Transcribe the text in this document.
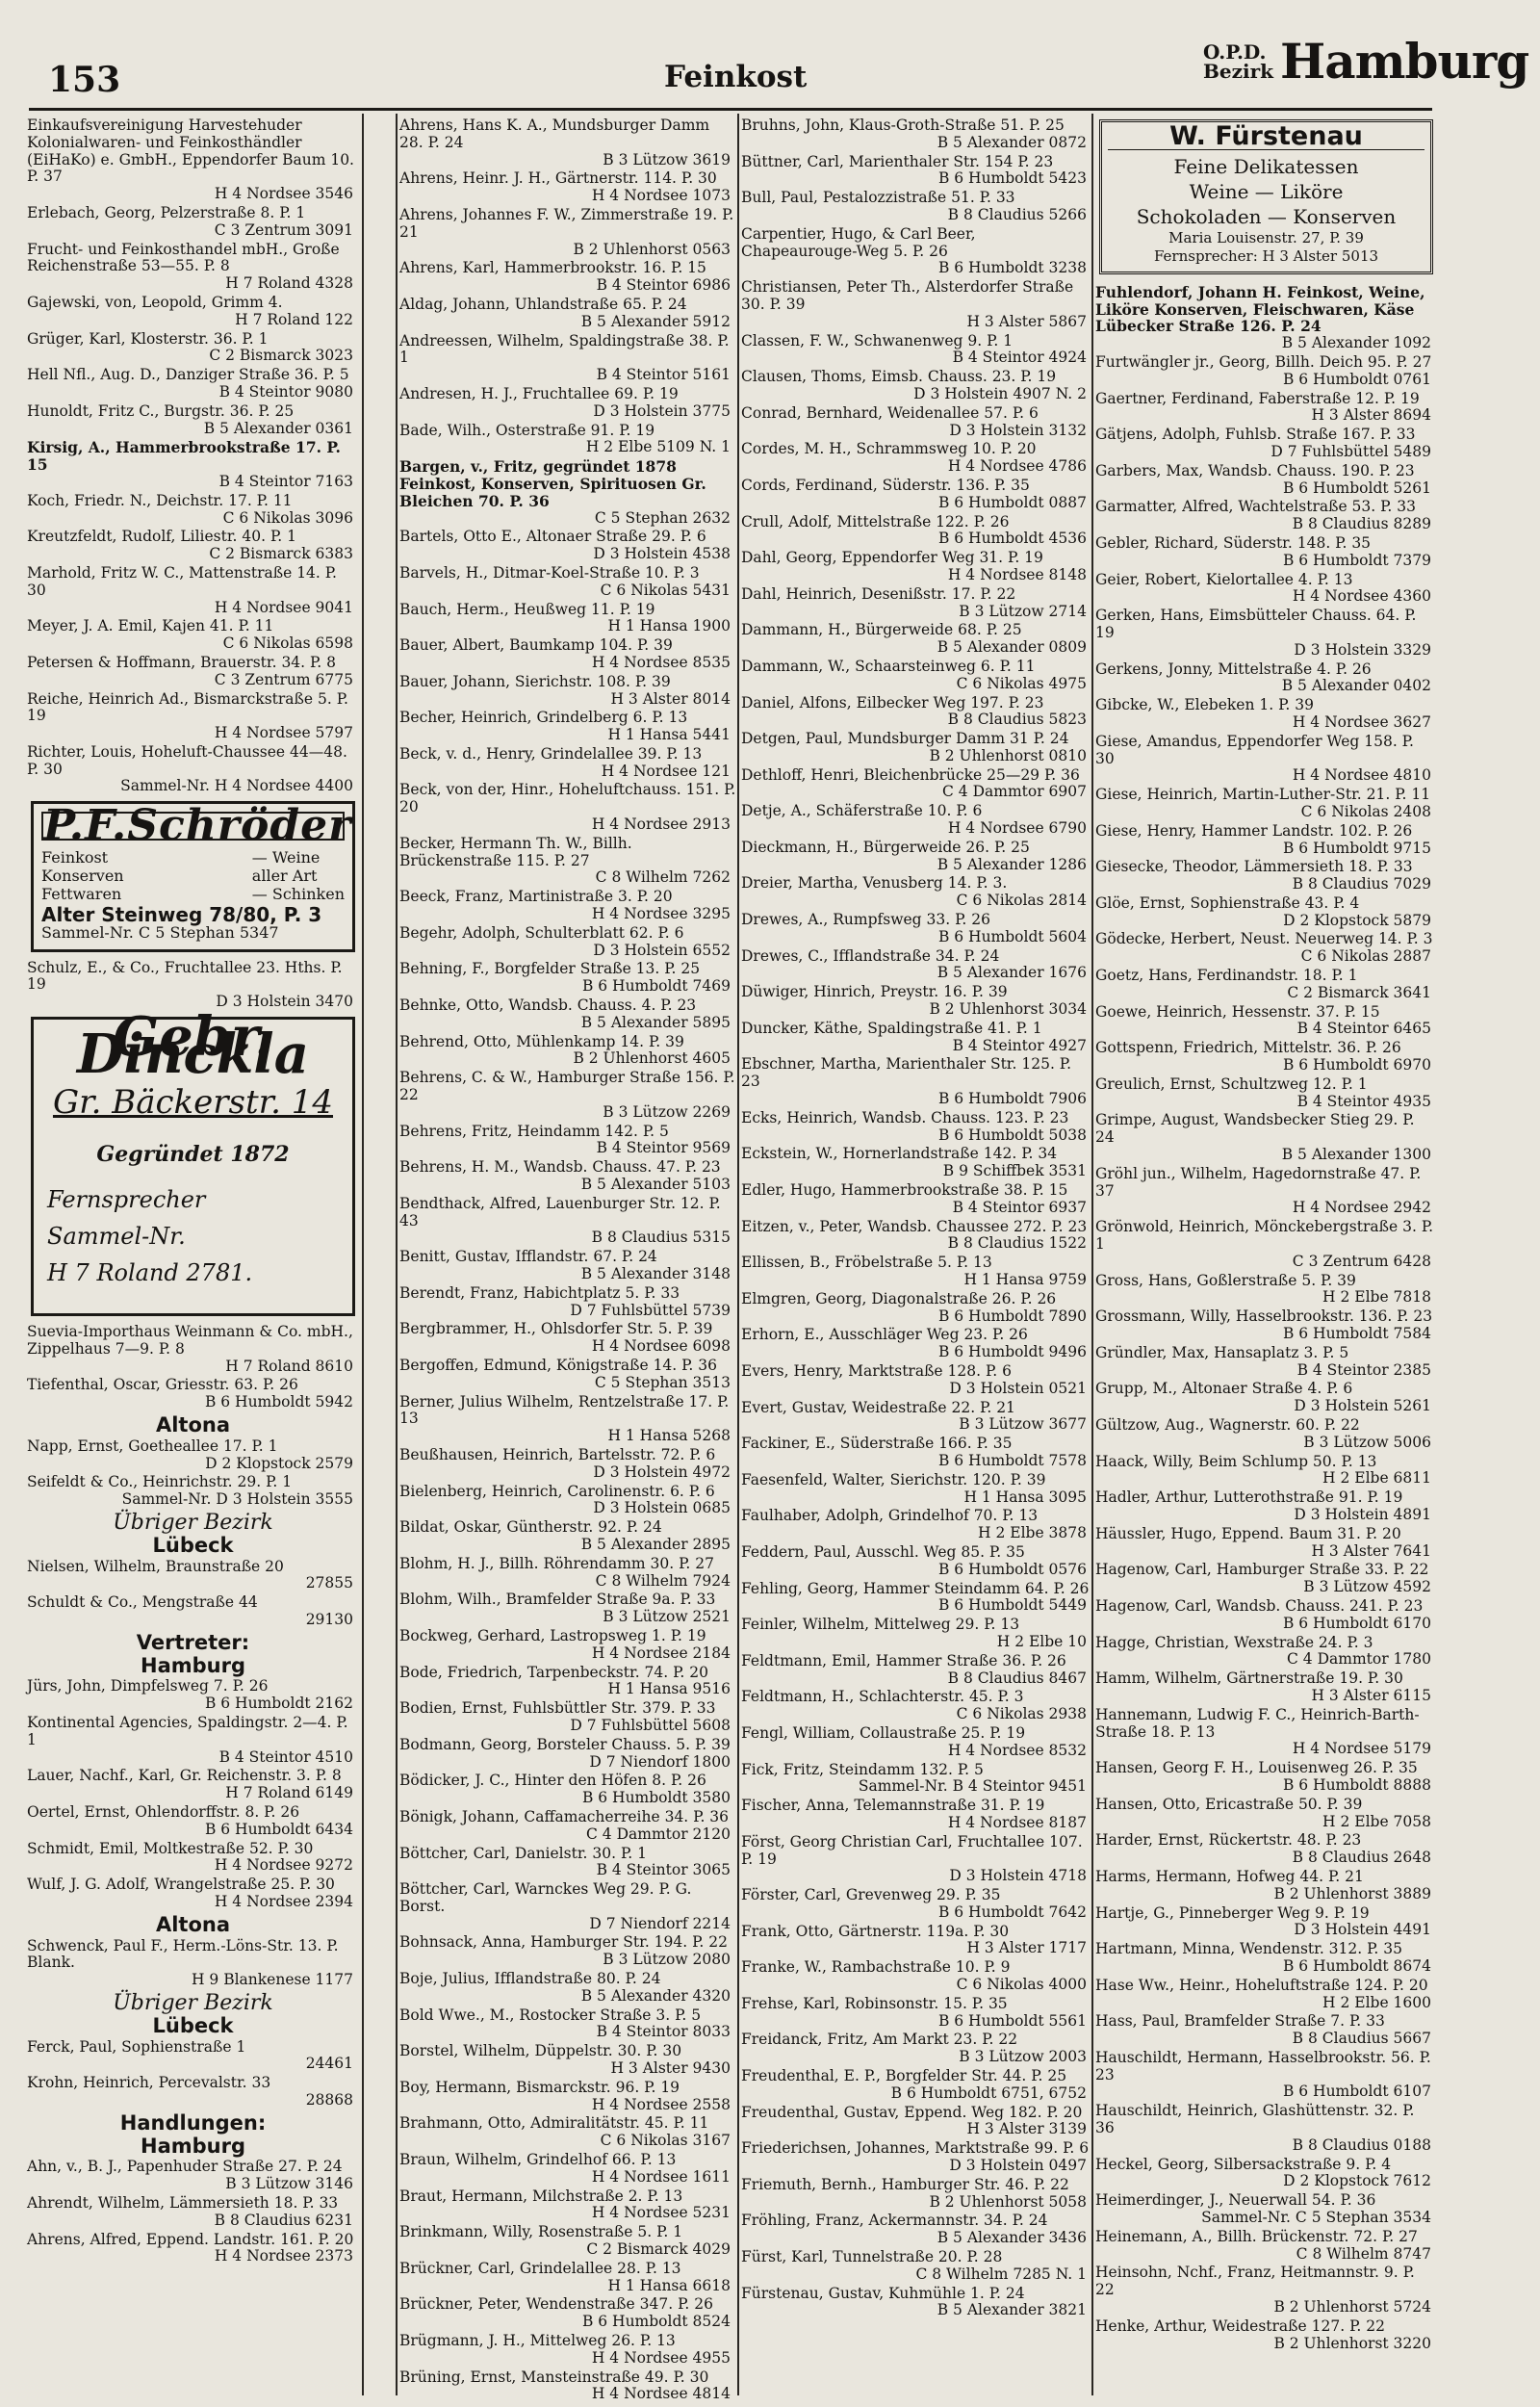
153	Feinkost
O.P.D.
Bezirk Hamburg
Einkaufsvereinigung Harvestehuder Kolonialwaren- und Feinkosthändler (EiHaKo) e. GmbH., Eppendorfer Baum 10. P. 37
H 4 Nordsee 3546
Erlebach, Georg, Pelzerstraße 8. P. 1
C 3 Zentrum 3091
Frucht- und Feinkosthandel mbH., Große Reichenstraße 53—55. P. 8
H 7 Roland 4328
Gajewski, von, Leopold, Grimm 4.
H 7 Roland 122
Grüger, Karl, Klosterstr. 36. P. 1
C 2 Bismarck 3023
Hell Nfl., Aug. D., Danziger Straße 36. P. 5
B 4 Steintor 9080
Hunoldt, Fritz C., Burgstr. 36. P. 25
B 5 Alexander 0361
Kirsig, A., Hammerbrookstraße 17. P. 15
B 4 Steintor 7163
Koch, Friedr. N., Deichstr. 17. P. 11
C 6 Nikolas 3096
Kreutzfeldt, Rudolf, Liliestr. 40. P. 1
C 2 Bismarck 6383
Marhold, Fritz W. C., Mattenstraße 14. P. 30
H 4 Nordsee 9041
Meyer, J. A. Emil, Kajen 41. P. 11
C 6 Nikolas 6598
Petersen & Hoffmann, Brauerstr. 34. P. 8
C 3 Zentrum 6775
Reiche, Heinrich Ad., Bismarckstraße 5. P. 19
H 4 Nordsee 5797
Richter, Louis, Hoheluft-Chaussee 44—48. P. 30
Sammel-Nr. H 4 Nordsee 4400
P.F.Schröder
Feinkost
Konserven
Fettwaren
— Weine
aller Art
— Schinken
Alter Steinweg 78/80, P. 3
Sammel-Nr. C 5 Stephan 5347
Schulz, E., & Co., Fruchtallee 23. Hths. P. 19
D 3 Holstein 3470
Gebr. Dinckla
Gr. Bäckerstr. 14
Gegründet 1872
Fernsprecher
Sammel-Nr.
H 7 Roland 2781.
Suevia-Importhaus Weinmann & Co. mbH., Zippelhaus 7—9. P. 8
H 7 Roland 8610
Tiefenthal, Oscar, Griesstr. 63. P. 26
B 6 Humboldt 5942
Altona
Napp, Ernst, Goetheallee 17. P. 1
D 2 Klopstock 2579
Seifeldt & Co., Heinrichstr. 29. P. 1
Sammel-Nr. D 3 Holstein 3555
Übriger Bezirk
Lübeck
Nielsen, Wilhelm, Braunstraße 20
27855
Schuldt & Co., Mengstraße 44
29130
Vertreter:
Hamburg
Jürs, John, Dimpfelsweg 7. P. 26
B 6 Humboldt 2162
Kontinental Agencies, Spaldingstr. 2—4. P. 1
B 4 Steintor 4510
Lauer, Nachf., Karl, Gr. Reichenstr. 3. P. 8
H 7 Roland 6149
Oertel, Ernst, Ohlendorffstr. 8. P. 26
B 6 Humboldt 6434
Schmidt, Emil, Moltkestraße 52. P. 30
H 4 Nordsee 9272
Wulf, J. G. Adolf, Wrangelstraße 25. P. 30
H 4 Nordsee 2394
Altona
Schwenck, Paul F., Herm.-Löns-Str. 13. P. Blank.
H 9 Blankenese 1177
Übriger Bezirk
Lübeck
Ferck, Paul, Sophienstraße 1
24461
Krohn, Heinrich, Percevalstr. 33
28868
Handlungen:
Hamburg
Ahn, v., B. J., Papenhuder Straße 27. P. 24
B 3 Lützow 3146
Ahrendt, Wilhelm, Lämmersieth 18. P. 33
B 8 Claudius 6231
Ahrens, Alfred, Eppend. Landstr. 161. P. 20
H 4 Nordsee 2373
Ahrens, Hans K. A., Mundsburger Damm 28. P. 24
B 3 Lützow 3619
Ahrens, Heinr. J. H., Gärtnerstr. 114. P. 30
H 4 Nordsee 1073
Ahrens, Johannes F. W., Zimmerstraße 19. P. 21
B 2 Uhlenhorst 0563
Ahrens, Karl, Hammerbrookstr. 16. P. 15
B 4 Steintor 6986
Aldag, Johann, Uhlandstraße 65. P. 24
B 5 Alexander 5912
Andreessen, Wilhelm, Spaldingstraße 38. P. 1
B 4 Steintor 5161
Andresen, H. J., Fruchtallee 69. P. 19
D 3 Holstein 3775
Bade, Wilh., Osterstraße 91. P. 19
H 2 Elbe 5109 N. 1
Bargen, v., Fritz, gegründet 1878 Feinkost, Konserven, Spirituosen Gr. Bleichen 70. P. 36
C 5 Stephan 2632
Bartels, Otto E., Altonaer Straße 29. P. 6
D 3 Holstein 4538
Barvels, H., Ditmar-Koel-Straße 10. P. 3
C 6 Nikolas 5431
Bauch, Herm., Heußweg 11. P. 19
H 1 Hansa 1900
Bauer, Albert, Baumkamp 104. P. 39
H 4 Nordsee 8535
Bauer, Johann, Sierichstr. 108. P. 39
H 3 Alster 8014
Becher, Heinrich, Grindelberg 6. P. 13
H 1 Hansa 5441
Beck, v. d., Henry, Grindelallee 39. P. 13
H 4 Nordsee 121
Beck, von der, Hinr., Hoheluftchauss. 151. P. 20
H 4 Nordsee 2913
Becker, Hermann Th. W., Billh. Brückenstraße 115. P. 27
C 8 Wilhelm 7262
Beeck, Franz, Martinistraße 3. P. 20
H 4 Nordsee 3295
Begehr, Adolph, Schulterblatt 62. P. 6
D 3 Holstein 6552
Behning, F., Borgfelder Straße 13. P. 25
B 6 Humboldt 7469
Behnke, Otto, Wandsb. Chauss. 4. P. 23
B 5 Alexander 5895
Behrend, Otto, Mühlenkamp 14. P. 39
B 2 Uhlenhorst 4605
Behrens, C. & W., Hamburger Straße 156. P. 22
B 3 Lützow 2269
Behrens, Fritz, Heindamm 142. P. 5
B 4 Steintor 9569
Behrens, H. M., Wandsb. Chauss. 47. P. 23
B 5 Alexander 5103
Bendthack, Alfred, Lauenburger Str. 12. P. 43
B 8 Claudius 5315
Benitt, Gustav, Ifflandstr. 67. P. 24
B 5 Alexander 3148
Berendt, Franz, Habichtplatz 5. P. 33
D 7 Fuhlsbüttel 5739
Bergbrammer, H., Ohlsdorfer Str. 5. P. 39
H 4 Nordsee 6098
Bergoffen, Edmund, Königstraße 14. P. 36
C 5 Stephan 3513
Berner, Julius Wilhelm, Rentzelstraße 17. P. 13
H 1 Hansa 5268
Beußhausen, Heinrich, Bartelsstr. 72. P. 6
D 3 Holstein 4972
Bielenberg, Heinrich, Carolinenstr. 6. P. 6
D 3 Holstein 0685
Bildat, Oskar, Güntherstr. 92. P. 24
B 5 Alexander 2895
Blohm, H. J., Billh. Röhrendamm 30. P. 27
C 8 Wilhelm 7924
Blohm, Wilh., Bramfelder Straße 9a. P. 33
B 3 Lützow 2521
Bockweg, Gerhard, Lastropsweg 1. P. 19
H 4 Nordsee 2184
Bode, Friedrich, Tarpenbeckstr. 74. P. 20
H 1 Hansa 9516
Bodien, Ernst, Fuhlsbüttler Str. 379. P. 33
D 7 Fuhlsbüttel 5608
Bodmann, Georg, Borsteler Chauss. 5. P. 39
D 7 Niendorf 1800
Bödicker, J. C., Hinter den Höfen 8. P. 26
B 6 Humboldt 3580
Bönigk, Johann, Caffamacherreihe 34. P. 36
C 4 Dammtor 2120
Böttcher, Carl, Danielstr. 30. P. 1
B 4 Steintor 3065
Böttcher, Carl, Warnckes Weg 29. P. G. Borst.
D 7 Niendorf 2214
Bohnsack, Anna, Hamburger Str. 194. P. 22
B 3 Lützow 2080
Boje, Julius, Ifflandstraße 80. P. 24
B 5 Alexander 4320
Bold Wwe., M., Rostocker Straße 3. P. 5
B 4 Steintor 8033
Borstel, Wilhelm, Düppelstr. 30. P. 30
H 3 Alster 9430
Boy, Hermann, Bismarckstr. 96. P. 19
H 4 Nordsee 2558
Brahmann, Otto, Admiralitätstr. 45. P. 11
C 6 Nikolas 3167
Braun, Wilhelm, Grindelhof 66. P. 13
H 4 Nordsee 1611
Braut, Hermann, Milchstraße 2. P. 13
H 4 Nordsee 5231
Brinkmann, Willy, Rosenstraße 5. P. 1
C 2 Bismarck 4029
Brückner, Carl, Grindelallee 28. P. 13
H 1 Hansa 6618
Brückner, Peter, Wendenstraße 347. P. 26
B 6 Humboldt 8524
Brügmann, J. H., Mittelweg 26. P. 13
H 4 Nordsee 4955
Brüning, Ernst, Mansteinstraße 49. P. 30
H 4 Nordsee 4814
Bruhns, John, Klaus-Groth-Straße 51. P. 25
B 5 Alexander 0872
Büttner, Carl, Marienthaler Str. 154 P. 23
B 6 Humboldt 5423
Bull, Paul, Pestalozzistraße 51. P. 33
B 8 Claudius 5266
Carpentier, Hugo, & Carl Beer, Chapeaurouge-Weg 5. P. 26
B 6 Humboldt 3238
Christiansen, Peter Th., Alsterdorfer Straße 30. P. 39
H 3 Alster 5867
Classen, F. W., Schwanenweg 9. P. 1
B 4 Steintor 4924
Clausen, Thoms, Eimsb. Chauss. 23. P. 19
D 3 Holstein 4907 N. 2
Conrad, Bernhard, Weidenallee 57. P. 6
D 3 Holstein 3132
Cordes, M. H., Schrammsweg 10. P. 20
H 4 Nordsee 4786
Cords, Ferdinand, Süderstr. 136. P. 35
B 6 Humboldt 0887
Crull, Adolf, Mittelstraße 122. P. 26
B 6 Humboldt 4536
Dahl, Georg, Eppendorfer Weg 31. P. 19
H 4 Nordsee 8148
Dahl, Heinrich, Desenißstr. 17. P. 22
B 3 Lützow 2714
Dammann, H., Bürgerweide 68. P. 25
B 5 Alexander 0809
Dammann, W., Schaarsteinweg 6. P. 11
C 6 Nikolas 4975
Daniel, Alfons, Eilbecker Weg 197. P. 23
B 8 Claudius 5823
Detgen, Paul, Mundsburger Damm 31 P. 24
B 2 Uhlenhorst 0810
Dethloff, Henri, Bleichenbrücke 25—29 P. 36
C 4 Dammtor 6907
Detje, A., Schäferstraße 10. P. 6
H 4 Nordsee 6790
Dieckmann, H., Bürgerweide 26. P. 25
B 5 Alexander 1286
Dreier, Martha, Venusberg 14. P. 3.
C 6 Nikolas 2814
Drewes, A., Rumpfsweg 33. P. 26
B 6 Humboldt 5604
Drewes, C., Ifflandstraße 34. P. 24
B 5 Alexander 1676
Düwiger, Hinrich, Preystr. 16. P. 39
B 2 Uhlenhorst 3034
Duncker, Käthe, Spaldingstraße 41. P. 1
B 4 Steintor 4927
Ebschner, Martha, Marienthaler Str. 125. P. 23
B 6 Humboldt 7906
Ecks, Heinrich, Wandsb. Chauss. 123. P. 23
B 6 Humboldt 5038
Eckstein, W., Hornerlandstraße 142. P. 34
B 9 Schiffbek 3531
Edler, Hugo, Hammerbrookstraße 38. P. 15
B 4 Steintor 6937
Eitzen, v., Peter, Wandsb. Chaussee 272. P. 23
B 8 Claudius 1522
Ellissen, B., Fröbelstraße 5. P. 13
H 1 Hansa 9759
Elmgren, Georg, Diagonalstraße 26. P. 26
B 6 Humboldt 7890
Erhorn, E., Ausschläger Weg 23. P. 26
B 6 Humboldt 9496
Evers, Henry, Marktstraße 128. P. 6
D 3 Holstein 0521
Evert, Gustav, Weidestraße 22. P. 21
B 3 Lützow 3677
Fackiner, E., Süderstraße 166. P. 35
B 6 Humboldt 7578
Faesenfeld, Walter, Sierichstr. 120. P. 39
H 1 Hansa 3095
Faulhaber, Adolph, Grindelhof 70. P. 13
H 2 Elbe 3878
Feddern, Paul, Ausschl. Weg 85. P. 35
B 6 Humboldt 0576
Fehling, Georg, Hammer Steindamm 64. P. 26
B 6 Humboldt 5449
Feinler, Wilhelm, Mittelweg 29. P. 13
H 2 Elbe 10
Feldtmann, Emil, Hammer Straße 36. P. 26
B 8 Claudius 8467
Feldtmann, H., Schlachterstr. 45. P. 3
C 6 Nikolas 2938
Fengl, William, Collaustraße 25. P. 19
H 4 Nordsee 8532
Fick, Fritz, Steindamm 132. P. 5
Sammel-Nr. B 4 Steintor 9451
Fischer, Anna, Telemannstraße 31. P. 19
H 4 Nordsee 8187
Först, Georg Christian Carl, Fruchtallee 107. P. 19
D 3 Holstein 4718
Förster, Carl, Grevenweg 29. P. 35
B 6 Humboldt 7642
Frank, Otto, Gärtnerstr. 119a. P. 30
H 3 Alster 1717
Franke, W., Rambachstraße 10. P. 9
C 6 Nikolas 4000
Frehse, Karl, Robinsonstr. 15. P. 35
B 6 Humboldt 5561
Freidanck, Fritz, Am Markt 23. P. 22
B 3 Lützow 2003
Freudenthal, E. P., Borgfelder Str. 44. P. 25
B 6 Humboldt 6751, 6752
Freudenthal, Gustav, Eppend. Weg 182. P. 20
H 3 Alster 3139
Friederichsen, Johannes, Marktstraße 99. P. 6
D 3 Holstein 0497
Friemuth, Bernh., Hamburger Str. 46. P. 22
B 2 Uhlenhorst 5058
Fröhling, Franz, Ackermannstr. 34. P. 24
B 5 Alexander 3436
Fürst, Karl, Tunnelstraße 20. P. 28
C 8 Wilhelm 7285 N. 1
Fürstenau, Gustav, Kuhmühle 1. P. 24
B 5 Alexander 3821
W. Fürstenau
Feine Delikatessen
Weine — Liköre
Schokoladen — Konserven
Maria Louisenstr. 27, P. 39
Fernsprecher: H 3 Alster 5013
Fuhlendorf, Johann H. Feinkost, Weine, Liköre Konserven, Fleischwaren, Käse Lübecker Straße 126. P. 24
B 5 Alexander 1092
Furtwängler jr., Georg, Billh. Deich 95. P. 27
B 6 Humboldt 0761
Gaertner, Ferdinand, Faberstraße 12. P. 19
H 3 Alster 8694
Gätjens, Adolph, Fuhlsb. Straße 167. P. 33
D 7 Fuhlsbüttel 5489
Garbers, Max, Wandsb. Chauss. 190. P. 23
B 6 Humboldt 5261
Garmatter, Alfred, Wachtelstraße 53. P. 33
B 8 Claudius 8289
Gebler, Richard, Süderstr. 148. P. 35
B 6 Humboldt 7379
Geier, Robert, Kielortallee 4. P. 13
H 4 Nordsee 4360
Gerken, Hans, Eimsbütteler Chauss. 64. P. 19
D 3 Holstein 3329
Gerkens, Jonny, Mittelstraße 4. P. 26
B 5 Alexander 0402
Gibcke, W., Elebeken 1. P. 39
H 4 Nordsee 3627
Giese, Amandus, Eppendorfer Weg 158. P. 30
H 4 Nordsee 4810
Giese, Heinrich, Martin-Luther-Str. 21. P. 11
C 6 Nikolas 2408
Giese, Henry, Hammer Landstr. 102. P. 26
B 6 Humboldt 9715
Giesecke, Theodor, Lämmersieth 18. P. 33
B 8 Claudius 7029
Glöe, Ernst, Sophienstraße 43. P. 4
D 2 Klopstock 5879
Gödecke, Herbert, Neust. Neuerweg 14. P. 3
C 6 Nikolas 2887
Goetz, Hans, Ferdinandstr. 18. P. 1
C 2 Bismarck 3641
Goewe, Heinrich, Hessenstr. 37. P. 15
B 4 Steintor 6465
Gottspenn, Friedrich, Mittelstr. 36. P. 26
B 6 Humboldt 6970
Greulich, Ernst, Schultzweg 12. P. 1
B 4 Steintor 4935
Grimpe, August, Wandsbecker Stieg 29. P. 24
B 5 Alexander 1300
Gröhl jun., Wilhelm, Hagedornstraße 47. P. 37
H 4 Nordsee 2942
Grönwold, Heinrich, Mönckebergstraße 3. P. 1
C 3 Zentrum 6428
Gross, Hans, Goßlerstraße 5. P. 39
H 2 Elbe 7818
Grossmann, Willy, Hasselbrookstr. 136. P. 23
B 6 Humboldt 7584
Gründler, Max, Hansaplatz 3. P. 5
B 4 Steintor 2385
Grupp, M., Altonaer Straße 4. P. 6
D 3 Holstein 5261
Gültzow, Aug., Wagnerstr. 60. P. 22
B 3 Lützow 5006
Haack, Willy, Beim Schlump 50. P. 13
H 2 Elbe 6811
Hadler, Arthur, Lutterothstraße 91. P. 19
D 3 Holstein 4891
Häussler, Hugo, Eppend. Baum 31. P. 20
H 3 Alster 7641
Hagenow, Carl, Hamburger Straße 33. P. 22
B 3 Lützow 4592
Hagenow, Carl, Wandsb. Chauss. 241. P. 23
B 6 Humboldt 6170
Hagge, Christian, Wexstraße 24. P. 3
C 4 Dammtor 1780
Hamm, Wilhelm, Gärtnerstraße 19. P. 30
H 3 Alster 6115
Hannemann, Ludwig F. C., Heinrich-Barth-Straße 18. P. 13
H 4 Nordsee 5179
Hansen, Georg F. H., Louisenweg 26. P. 35
B 6 Humboldt 8888
Hansen, Otto, Ericastraße 50. P. 39
H 2 Elbe 7058
Harder, Ernst, Rückertstr. 48. P. 23
B 8 Claudius 2648
Harms, Hermann, Hofweg 44. P. 21
B 2 Uhlenhorst 3889
Hartje, G., Pinneberger Weg 9. P. 19
D 3 Holstein 4491
Hartmann, Minna, Wendenstr. 312. P. 35
B 6 Humboldt 8674
Hase Ww., Heinr., Hoheluftstraße 124. P. 20
H 2 Elbe 1600
Hass, Paul, Bramfelder Straße 7. P. 33
B 8 Claudius 5667
Hauschildt, Hermann, Hasselbrookstr. 56. P. 23
B 6 Humboldt 6107
Hauschildt, Heinrich, Glashüttenstr. 32. P. 36
B 8 Claudius 0188
Heckel, Georg, Silbersackstraße 9. P. 4
D 2 Klopstock 7612
Heimerdinger, J., Neuerwall 54. P. 36
Sammel-Nr. C 5 Stephan 3534
Heinemann, A., Billh. Brückenstr. 72. P. 27
C 8 Wilhelm 8747
Heinsohn, Nchf., Franz, Heitmannstr. 9. P. 22
B 2 Uhlenhorst 5724
Henke, Arthur, Weidestraße 127. P. 22
B 2 Uhlenhorst 3220
